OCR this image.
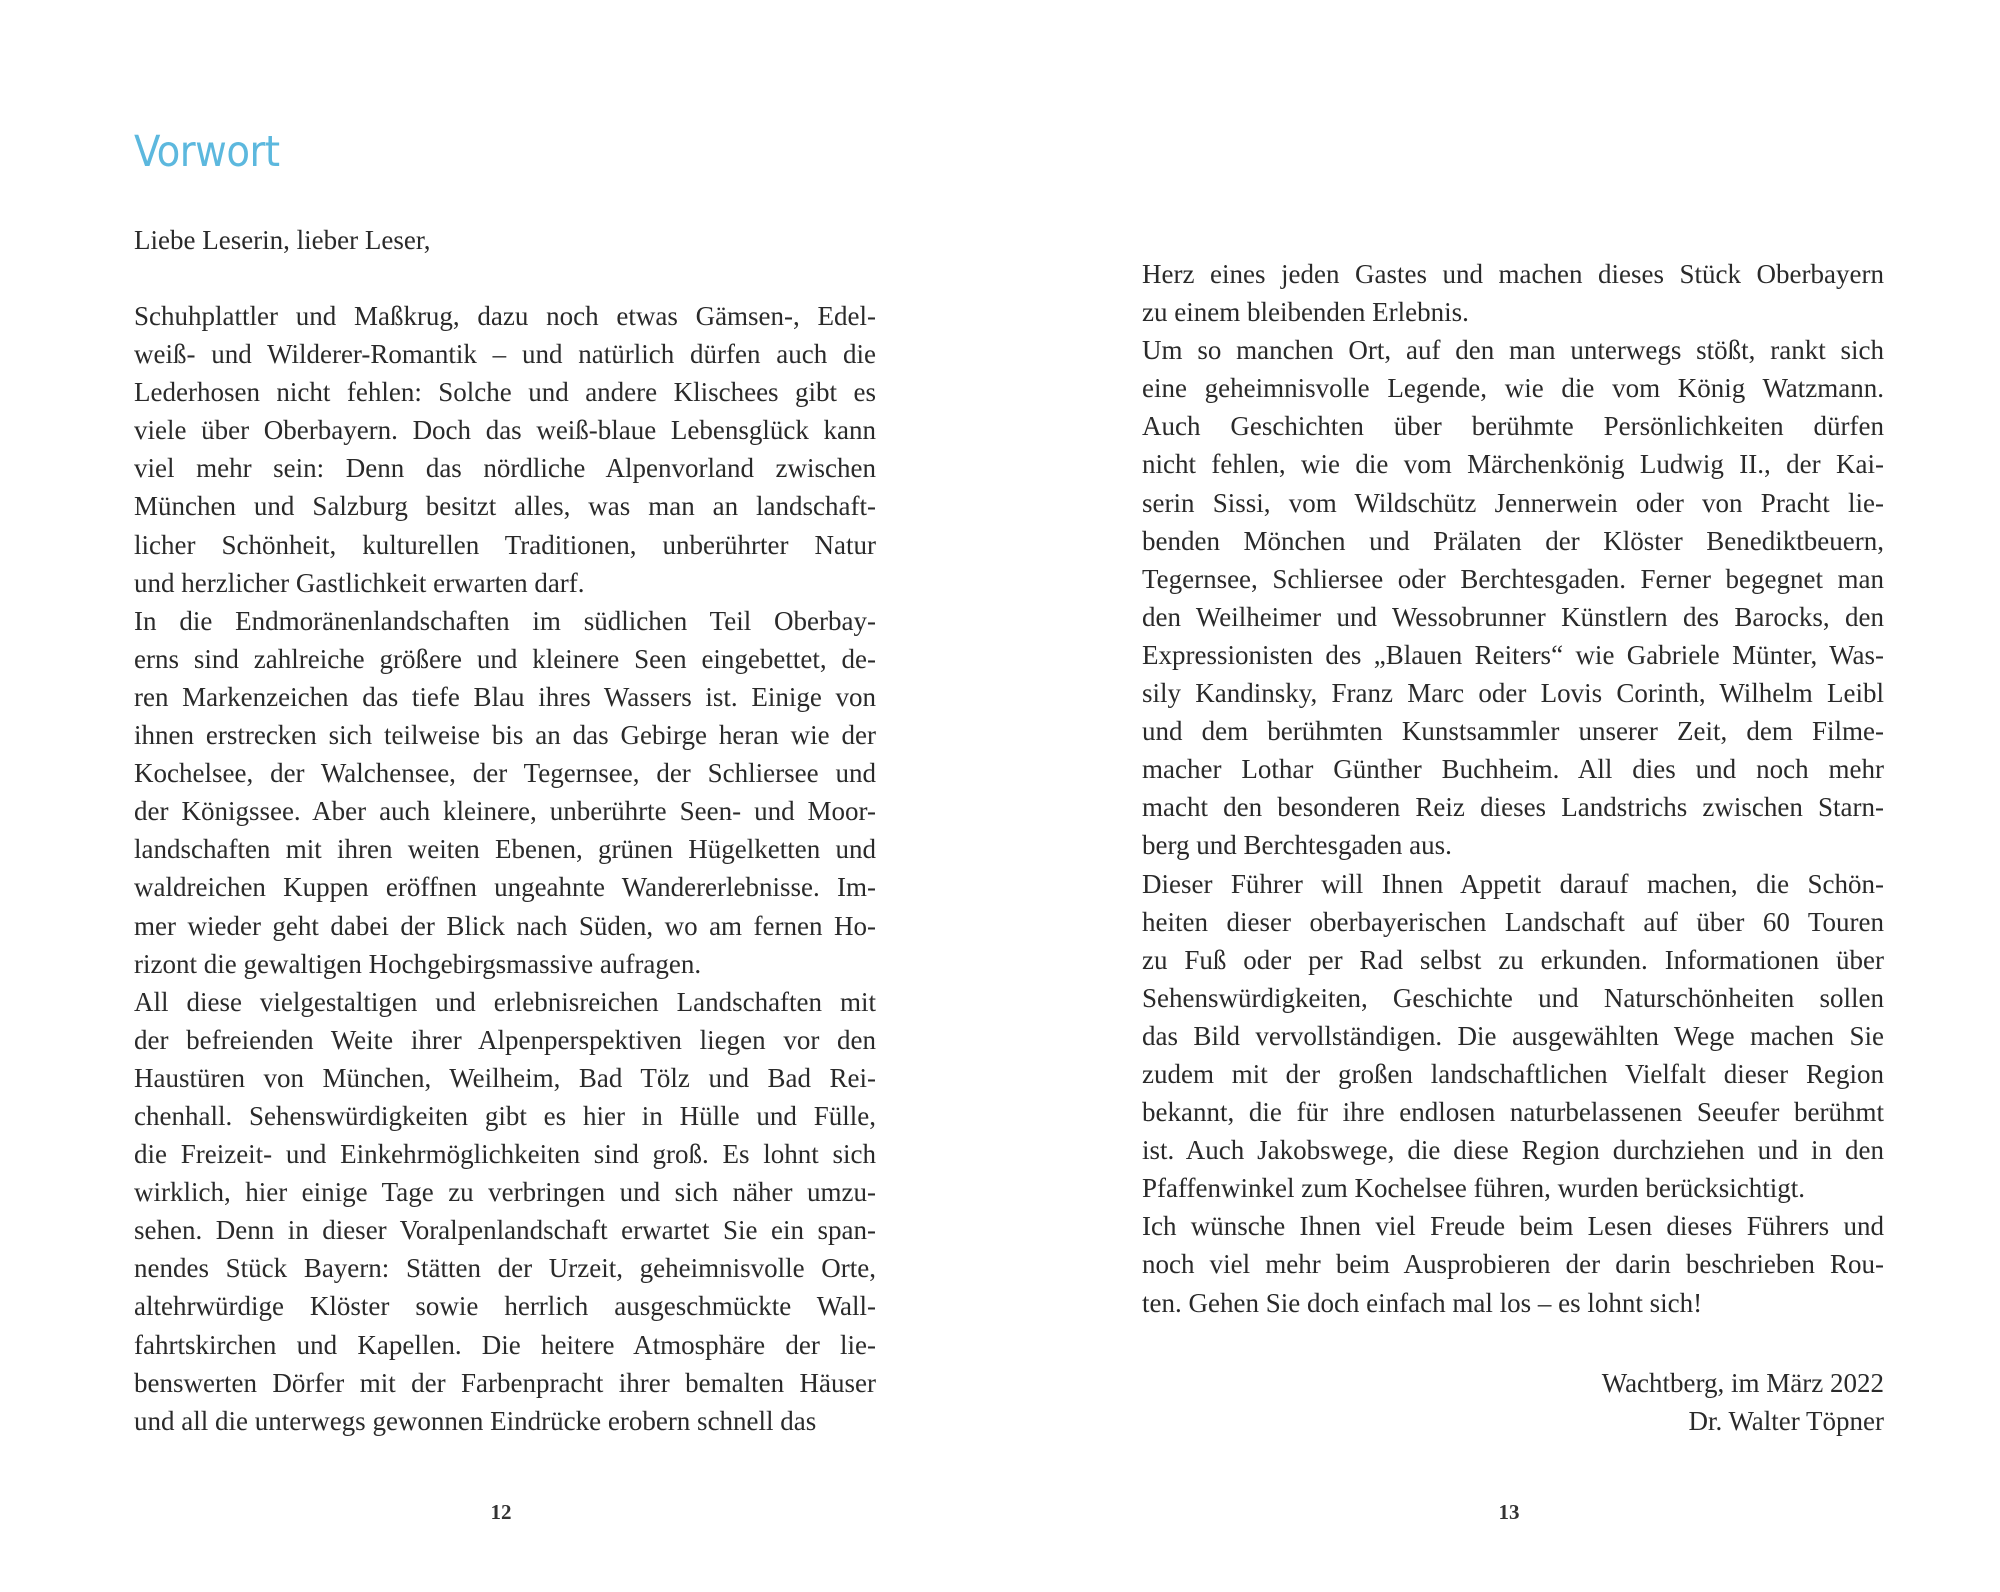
Vorwort

Liebe Leserin, lieber Leser,

Schuhplattler und Maßkrug, dazu noch etwas Gämsen-, Edel-
weiß- und Wilderer-Romantik – und natürlich dürfen auch die
Lederhosen nicht fehlen: Solche und andere Klischees gibt es
viele über Oberbayern. Doch das weiß-blaue Lebensglück kann
viel mehr sein: Denn das nördliche Alpenvorland zwischen
München und Salzburg besitzt alles, was man an landschaft-
licher Schönheit, kulturellen Traditionen, unberührter Natur
und herzlicher Gastlichkeit erwarten darf.
In die Endmoränenlandschaften im südlichen Teil Oberbay-
erns sind zahlreiche größere und kleinere Seen eingebettet, de-
ren Markenzeichen das tiefe Blau ihres Wassers ist. Einige von
ihnen erstrecken sich teilweise bis an das Gebirge heran wie der
Kochelsee, der Walchensee, der Tegernsee, der Schliersee und
der Königssee. Aber auch kleinere, unberührte Seen- und Moor-
landschaften mit ihren weiten Ebenen, grünen Hügelketten und
waldreichen Kuppen eröffnen ungeahnte Wandererlebnisse. Im-
mer wieder geht dabei der Blick nach Süden, wo am fernen Ho-
rizont die gewaltigen Hochgebirgsmassive aufragen.
All diese vielgestaltigen und erlebnisreichen Landschaften mit
der befreienden Weite ihrer Alpenperspektiven liegen vor den
Haustüren von München, Weilheim, Bad Tölz und Bad Rei-
chenhall. Sehenswürdigkeiten gibt es hier in Hülle und Fülle,
die Freizeit- und Einkehrmöglichkeiten sind groß. Es lohnt sich
wirklich, hier einige Tage zu verbringen und sich näher umzu-
sehen. Denn in dieser Voralpenlandschaft erwartet Sie ein span-
nendes Stück Bayern: Stätten der Urzeit, geheimnisvolle Orte,
altehrwürdige Klöster sowie herrlich ausgeschmückte Wall-
fahrtskirchen und Kapellen. Die heitere Atmosphäre der lie-
benswerten Dörfer mit der Farbenpracht ihrer bemalten Häuser
und all die unterwegs gewonnen Eindrücke erobern schnell das
12
Herz eines jeden Gastes und machen dieses Stück Oberbayern
zu einem bleibenden Erlebnis.
Um so manchen Ort, auf den man unterwegs stößt, rankt sich
eine geheimnisvolle Legende, wie die vom König Watzmann.
Auch Geschichten über berühmte Persönlichkeiten dürfen
nicht fehlen, wie die vom Märchenkönig Ludwig II., der Kai-
serin Sissi, vom Wildschütz Jennerwein oder von Pracht lie-
benden Mönchen und Prälaten der Klöster Benediktbeuern,
Tegernsee, Schliersee oder Berchtesgaden. Ferner begegnet man
den Weilheimer und Wessobrunner Künstlern des Barocks, den
Expressionisten des „Blauen Reiters“ wie Gabriele Münter, Was-
sily Kandinsky, Franz Marc oder Lovis Corinth, Wilhelm Leibl
und dem berühmten Kunstsammler unserer Zeit, dem Filme-
macher Lothar Günther Buchheim. All dies und noch mehr
macht den besonderen Reiz dieses Landstrichs zwischen Starn-
berg und Berchtesgaden aus.
Dieser Führer will Ihnen Appetit darauf machen, die Schön-
heiten dieser oberbayerischen Landschaft auf über 60 Touren
zu Fuß oder per Rad selbst zu erkunden. Informationen über
Sehenswürdigkeiten, Geschichte und Naturschönheiten sollen
das Bild vervollständigen. Die ausgewählten Wege machen Sie
zudem mit der großen landschaftlichen Vielfalt dieser Region
bekannt, die für ihre endlosen naturbelassenen Seeufer berühmt
ist. Auch Jakobswege, die diese Region durchziehen und in den
Pfaffenwinkel zum Kochelsee führen, wurden berücksichtigt.
Ich wünsche Ihnen viel Freude beim Lesen dieses Führers und
noch viel mehr beim Ausprobieren der darin beschrieben Rou-
ten. Gehen Sie doch einfach mal los – es lohnt sich!
Wachtberg, im März 2022
Dr. Walter Töpner
13
